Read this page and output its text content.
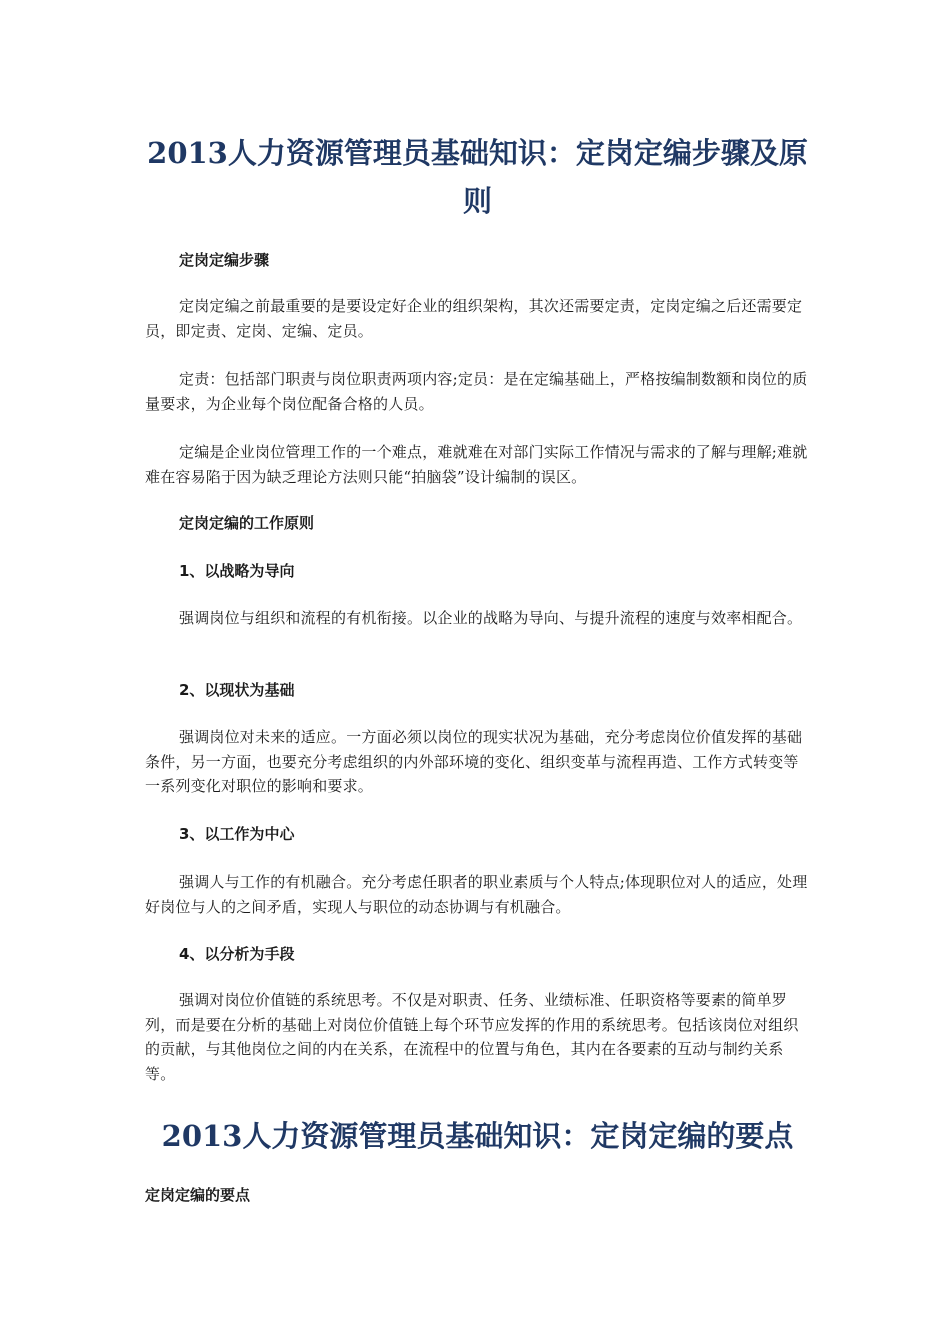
2013人力资源管理员基础知识：定岗定编步骤及原则

定岗定编步骤

定岗定编之前最重要的是要设定好企业的组织架构，其次还需要定责，定岗定编之后还需要定员，即定责、定岗、定编、定员。

定责：包括部门职责与岗位职责两项内容;定员：是在定编基础上，严格按编制数额和岗位的质量要求，为企业每个岗位配备合格的人员。

定编是企业岗位管理工作的一个难点，难就难在对部门实际工作情况与需求的了解与理解;难就难在容易陷于因为缺乏理论方法则只能“拍脑袋”设计编制的误区。

定岗定编的工作原则

1、以战略为导向

强调岗位与组织和流程的有机衔接。以企业的战略为导向、与提升流程的速度与效率相配合。

2、以现状为基础

强调岗位对未来的适应。一方面必须以岗位的现实状况为基础，充分考虑岗位价值发挥的基础条件，另一方面，也要充分考虑组织的内外部环境的变化、组织变革与流程再造、工作方式转变等一系列变化对职位的影响和要求。

3、以工作为中心

强调人与工作的有机融合。充分考虑任职者的职业素质与个人特点;体现职位对人的适应，处理好岗位与人的之间矛盾，实现人与职位的动态协调与有机融合。

4、以分析为手段

强调对岗位价值链的系统思考。不仅是对职责、任务、业绩标准、任职资格等要素的简单罗列，而是要在分析的基础上对岗位价值链上每个环节应发挥的作用的系统思考。包括该岗位对组织的贡献，与其他岗位之间的内在关系，在流程中的位置与角色，其内在各要素的互动与制约关系等。

2013人力资源管理员基础知识：定岗定编的要点

定岗定编的要点
